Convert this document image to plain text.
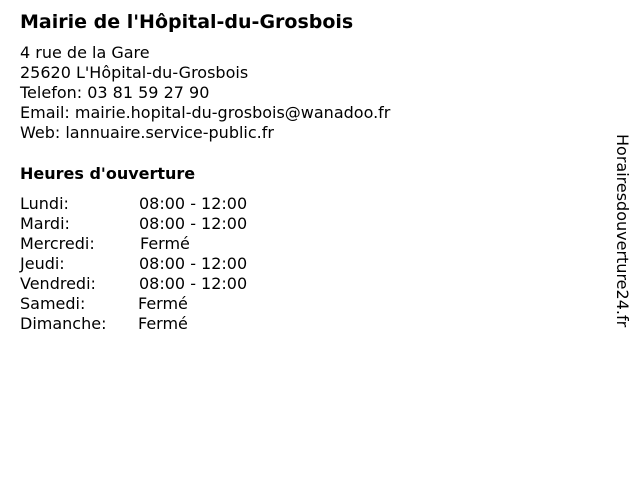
Mairie de l'Hôpital-du-Grosbois
4 rue de la Gare
25620 L'Hôpital-du-Grosbois
Telefon: 03 81 59 27 90
Email: mairie.hopital-du-grosbois@wanadoo.fr
Web: lannuaire.service-public.fr
Heures d'ouverture
Lundi:	08:00 - 12:00
Mardi:	08:00 - 12:00
Mercredi:	Fermé
Jeudi:	08:00 - 12:00
Vendredi:	08:00 - 12:00
Samedi:	Fermé
Dimanche: Fermé	Horairesdouverture24.fr
